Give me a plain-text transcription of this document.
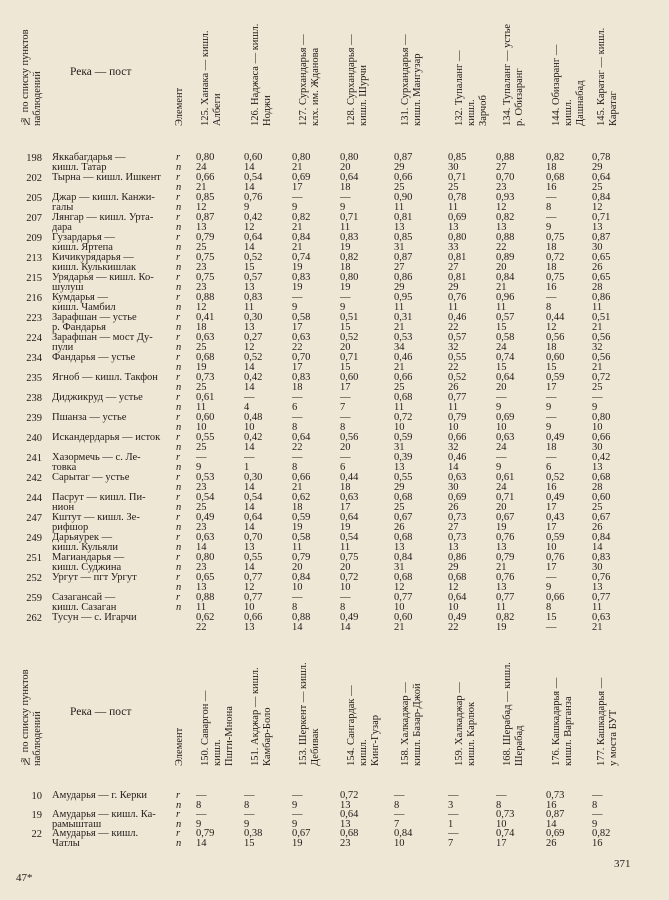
№ по списку пунктов
наблюдений Река — пост
Элемент 125. Ханака — кишл.
Албеги	126. Наджаса — кишл.
Ноджи 127. Сурхандарья —
клх. им. Жданова
128. Сурхандарья —
кишл. Шурчи
131. Сурхандарья —
кишл. Мангузар
132. Тупаланг — кишл.
Зарчоб 134. Тупаланг — устье
р. Обизаранг
144. Обизаранг — кишл.
Дашнабад 145. Каратаг — кишл.
Каратаг
198
202
205
207
209
213
215
216
223
224
234
235
238
239
240
241
242
244
247
249
251
252
259
262
Яккабагдарья —
кишл. Татар
Тырна — кишл. Ишкент
Джар — кишл. Канжи-
галы
Лянгар — кишл. Урта-
дара
Гузардарья —
кишл. Яртепа
Кичикурядарья —
кишл. Кулькишлак
Урядарья — кишл. Ко-
шулуш
Кумдарья —
кишл. Чамбил
Зарафшан — устье
р. Фандарья
Зарафшан — мост Ду-
пули
Фандарья — устье
Ягноб — кишл. Такфон
Диджикруд — устье
Пшанза — устье
Искандердарья — исток
Хазормечь — с. Ле-
товка
Сарытаг — устье
Пасрут — кишл. Пи-
нион
Кштут — кишл. Зе-
рифшор
Дарьяурек —
кишл. Кульяли
Магиандарья —
кишл. Суджина
Ургут — пгт Ургут
Сазагансай —
кишл. Сазаган
Тусун — с. Игарчи
r
n
r
n
r
n
r
n
r
n
r
n
r
n
r
n
r
n
r
n
r
n
r
n
r
n
r
n
r
n
r
n
r
n
r
n
r
n
r
n
r
n
r
n
r
n
0,80
24
0,66
21
0,85
12
0,87
13
0,79
25
0,75
23
0,75
23
0,88
12
0,41
18
0,63
25
0,68
19
0,73
25
0,61
11
0,60
10
0,55
25
—
9
0,53
23
0,54
25
0,49
23
0,63
14
0,80
23
0,65
13
0,88
11
0,62
22
0,60
14
0,54
14
0,76
9
0,42
12
0,64
14
0,52
15
0,57
13
0,83
11
0,30
13
0,27
12
0,52
14
0,42
14
—
4
0,48
10
0,42
14
—
1
0,30
14
0,54
14
0,64
14
0,70
13
0,55
14
0,77
12
0,77
10
0,66
13
0,80
21
0,69
17
—
9
0,82
21
0,84
21
0,74
19
0,83
19
—
9
0,58
17
0,63
22
0,70
17
0,83
18
—
6
—
8
0,64
22
—
8
0,66
21
0,62
18
0,59
19
0,58
11
0,79
20
0,84
10
—
8
0,88
14
0,80
20
0,64
18
—
9
0,71
11
0,83
19
0,82
18
0,80
19
—
9
0,51
15
0,52
20
0,71
15
0,60
17
—
7
—
8
0,56
20
—
6
0,44
18
0,63
17
0,64
19
0,54
11
0,75
20
0,72
10
—
8
0,49
14
0,87
29
0,66
25
0,90
11
0,81
13
0,85
31
0,87
27
0,86
29
0,95
11
0,31
21
0,53
34
0,46
21
0,66
25
0,68
11
0,72
10
0,59
31
0,39
13
0,55
29
0,68
25
0,67
26
0,68
13
0,84
31
0,68
12
0,77
10
0,60
21
0,85
30
0,71
25
0,78
11
0,69
13
0,80
33
0,81
27
0,81
29
0,76
11
0,46
22
0,57
32
0,55
22
0,52
26
0,77
11
0,79
10
0,66
32
0,46
14
0,63
30
0,69
26
0,73
27
0,73
13
0,86
29
0,68
12
0,64
10
0,49
22
0,88
27
0,70
23
0,93
12
0,82
13
0,88
22
0,89
20
0,84
21
0,96
11
0,57
15
0,58
24
0,74
15
0,64
20
—
9
0,69
10
0,63
24
—
9
0,61
24
0,71
20
0,67
19
0,76
13
0,79
21
0,76
13
0,77
11
0,82
19
0,82
18
0,68
16
—
8
—
9
0,75
18
0,72
18
0,75
16
—
8
0,44
12
0,56
18
0,60
15
0,59
17
—
9
—
9
0,49
18
—
6
0,52
16
0,49
17
0,43
17
0,59
10
0,76
17
—
9
0,66
8
15
—
0,78
29
0,64
25
0,84
12
0,71
13
0,87
30
0,65
26
0,65
28
0,86
11
0,51
21
0,56
32
0,56
21
0,72
25
—
9
0,80
10
0,66
30
0,42
13
0,68
28
0,60
25
0,67
26
0,84
14
0,83
30
0,76
13
0,77
11
0,63
21
№ по списку пунктов
наблюдений Река — пост
Элемент 150. Саваргон — кишл.
Пшти-Мнона 151. Акджар — кишл.
Камбар-Боло 153. Шеркент — кишл.
Дебивак 154. Сангардак — кишл.
Кинг-Гузар 158. Халкаджар —
кишл. Базар-Джой
159. Халкаджар —
кишл. Карлюк
168. Шерабад — кишл.
Шерабад 176. Кашкадарья —
кишл. Варганза
177. Кашкадарья —
у моста БУТ
10
19
22
Амударья — г. Керки
Амударья — кишл. Ка-
рамышташ
Амударья — кишл.
Чатлы
r
n
r
n
r
n
—
8
—
9
0,79
14
—
8
—
9
0,38
15
—
9
—
9
0,67
19
0,72
13
0,64
13
0,68
23
—
8
—
7
0,84
10
—
3
—
1
—
7
—
8
0,73
10
0,74
17
0,73
16
0,87
14
0,69
26
—
8
—
9
0,82
16
47*
371
